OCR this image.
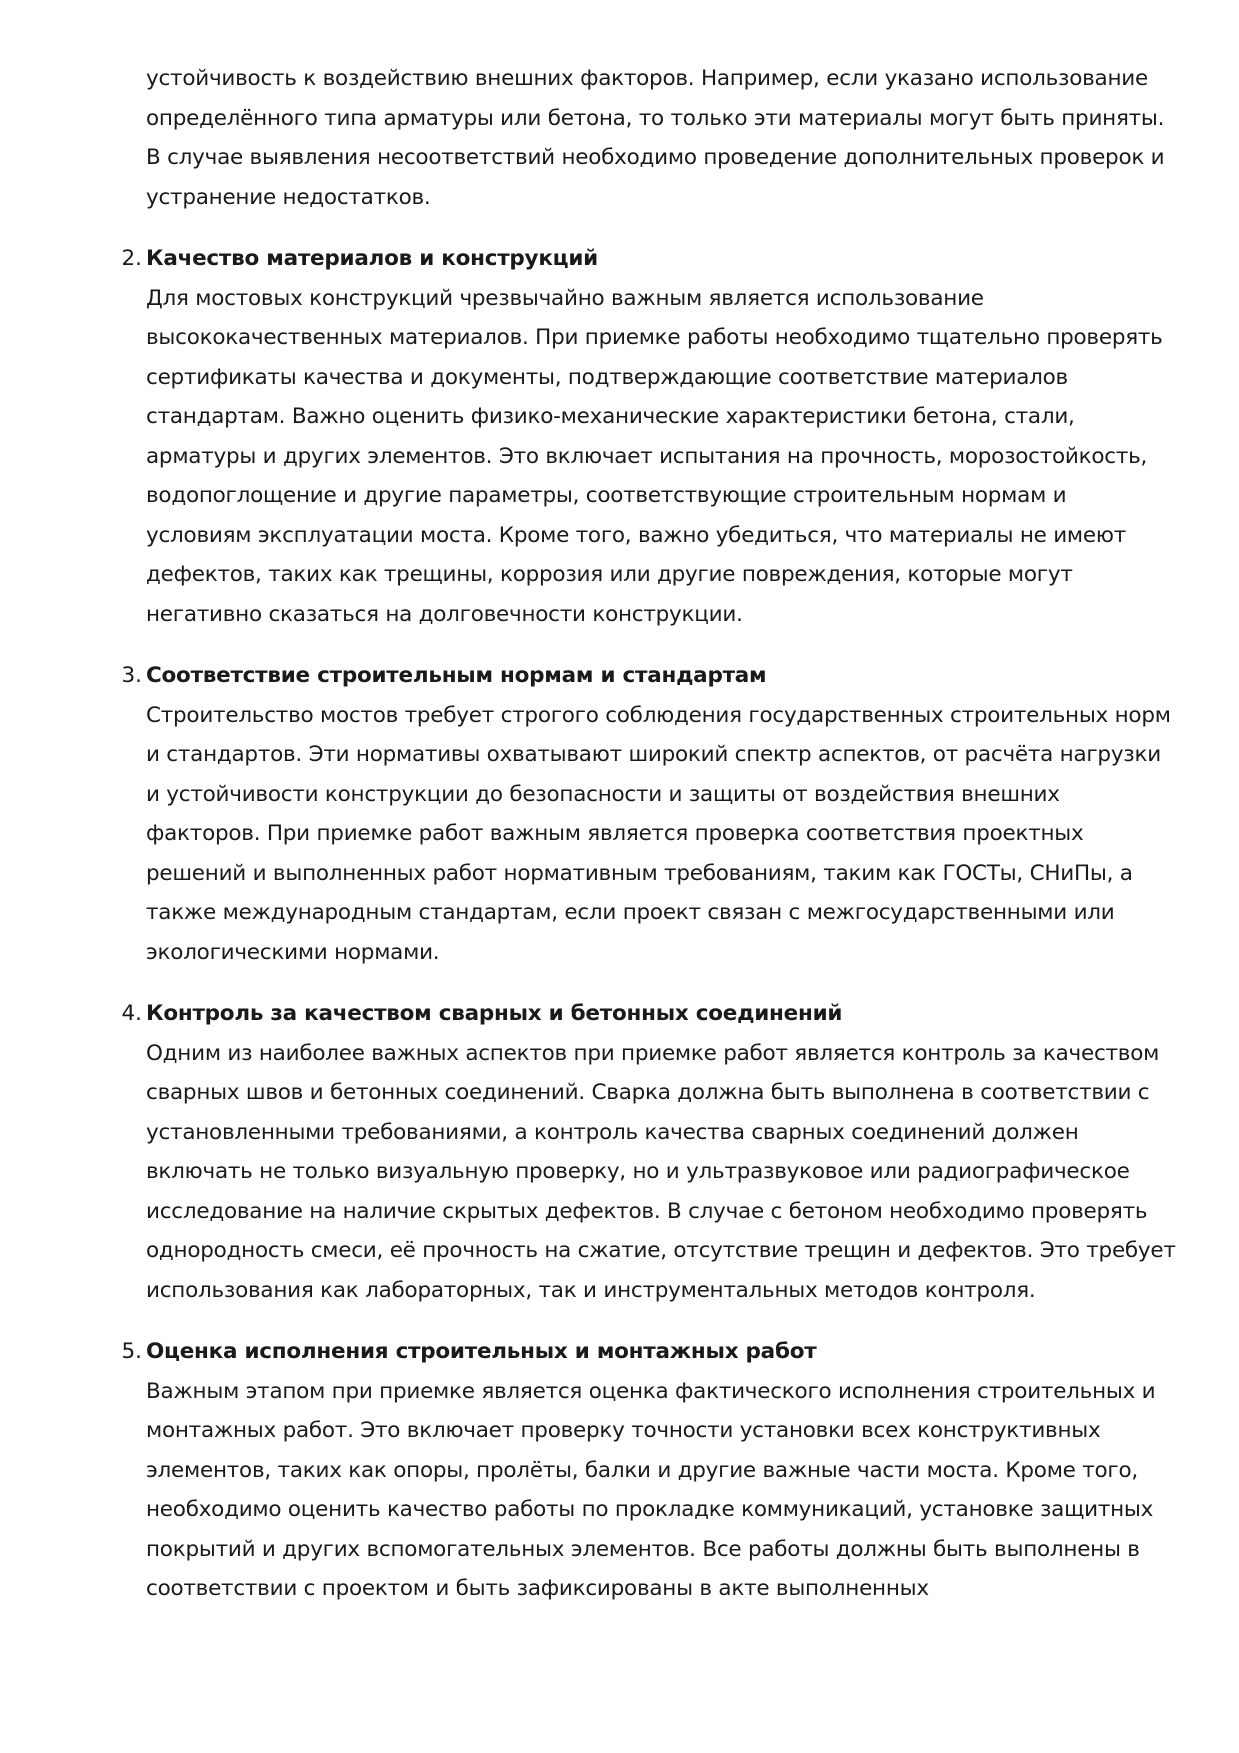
устойчивость к воздействию внешних факторов. Например, если указано использование определённого типа арматуры или бетона, то только эти материалы могут быть приняты. В случае выявления несоответствий необходимо проведение дополнительных проверок и устранение недостатков.

2. Качество материалов и конструкций

Для мостовых конструкций чрезвычайно важным является использование высококачественных материалов. При приемке работы необходимо тщательно проверять сертификаты качества и документы, подтверждающие соответствие материалов стандартам. Важно оценить физико-механические характеристики бетона, стали, арматуры и других элементов. Это включает испытания на прочность, морозостойкость, водопоглощение и другие параметры, соответствующие строительным нормам и условиям эксплуатации моста. Кроме того, важно убедиться, что материалы не имеют дефектов, таких как трещины, коррозия или другие повреждения, которые могут негативно сказаться на долговечности конструкции.

3. Соответствие строительным нормам и стандартам

Строительство мостов требует строгого соблюдения государственных строительных норм и стандартов. Эти нормативы охватывают широкий спектр аспектов, от расчёта нагрузки и устойчивости конструкции до безопасности и защиты от воздействия внешних факторов. При приемке работ важным является проверка соответствия проектных решений и выполненных работ нормативным требованиям, таким как ГОСТы, СНиПы, а также международным стандартам, если проект связан с межгосударственными или экологическими нормами.

4. Контроль за качеством сварных и бетонных соединений

Одним из наиболее важных аспектов при приемке работ является контроль за качеством сварных швов и бетонных соединений. Сварка должна быть выполнена в соответствии с установленными требованиями, а контроль качества сварных соединений должен включать не только визуальную проверку, но и ультразвуковое или радиографическое исследование на наличие скрытых дефектов. В случае с бетоном необходимо проверять однородность смеси, её прочность на сжатие, отсутствие трещин и дефектов. Это требует использования как лабораторных, так и инструментальных методов контроля.

5. Оценка исполнения строительных и монтажных работ

Важным этапом при приемке является оценка фактического исполнения строительных и монтажных работ. Это включает проверку точности установки всех конструктивных элементов, таких как опоры, пролёты, балки и другие важные части моста. Кроме того, необходимо оценить качество работы по прокладке коммуникаций, установке защитных покрытий и других вспомогательных элементов. Все работы должны быть выполнены в соответствии с проектом и быть зафиксированы в акте выполненных
